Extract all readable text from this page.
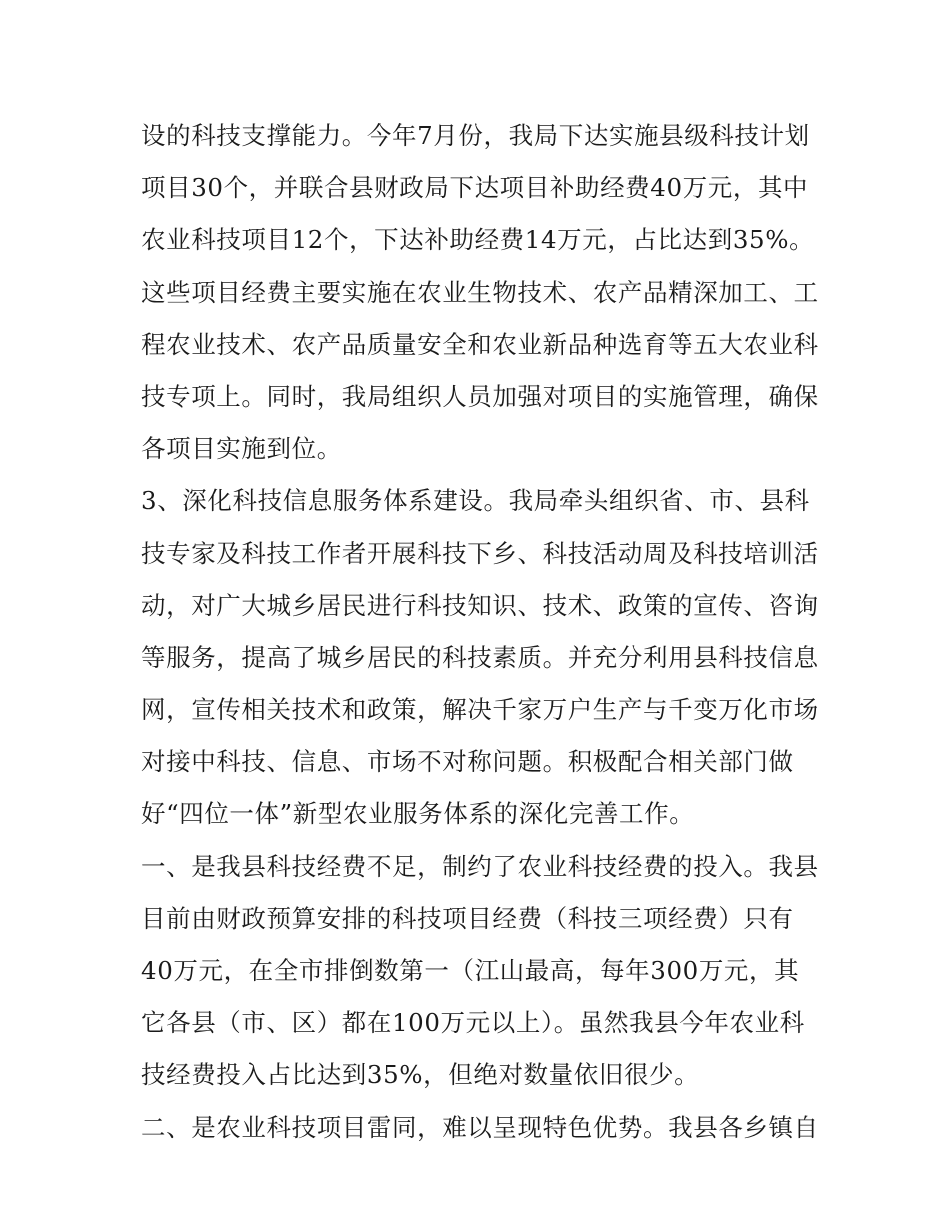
设的科技支撑能力。今年7月份，我局下达实施县级科技计划
项目30个，并联合县财政局下达项目补助经费40万元，其中
农业科技项目12个，下达补助经费14万元，占比达到35%。
这些项目经费主要实施在农业生物技术、农产品精深加工、工
程农业技术、农产品质量安全和农业新品种选育等五大农业科
技专项上。同时，我局组织人员加强对项目的实施管理，确保
各项目实施到位。
3、深化科技信息服务体系建设。我局牵头组织省、市、县科
技专家及科技工作者开展科技下乡、科技活动周及科技培训活
动，对广大城乡居民进行科技知识、技术、政策的宣传、咨询
等服务，提高了城乡居民的科技素质。并充分利用县科技信息
网，宣传相关技术和政策，解决千家万户生产与千变万化市场
对接中科技、信息、市场不对称问题。积极配合相关部门做
好“四位一体”新型农业服务体系的深化完善工作。
一、是我县科技经费不足，制约了农业科技经费的投入。我县
目前由财政预算安排的科技项目经费（科技三项经费）只有
40万元，在全市排倒数第一（江山最高，每年300万元，其
它各县（市、区）都在100万元以上）。虽然我县今年农业科
技经费投入占比达到35%，但绝对数量依旧很少。
二、是农业科技项目雷同，难以呈现特色优势。我县各乡镇自
